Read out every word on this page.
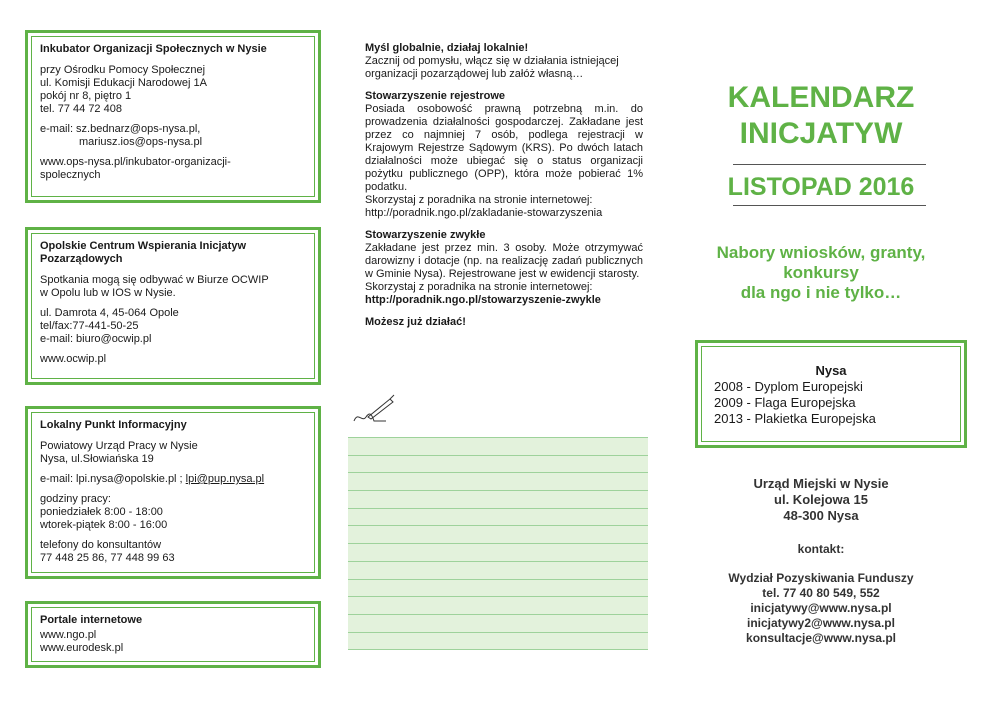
Inkubator Organizacji Społecznych w Nysie

przy Ośrodku Pomocy Społecznej
ul. Komisji Edukacji Narodowej 1A
pokój nr 8, piętro 1
tel. 77 44 72 408

e-mail: sz.bednarz@ops-nysa.pl,
mariusz.ios@ops-nysa.pl

www.ops-nysa.pl/inkubator-organizacji-
spolecznych

Opolskie Centrum Wspierania Inicjatyw
Pozarządowych

Spotkania mogą się odbywać w Biurze OCWIP
w Opolu lub w IOS w Nysie.

ul. Damrota 4, 45-064 Opole
tel/fax:77-441-50-25
e-mail: biuro@ocwip.pl

www.ocwip.pl

Lokalny Punkt Informacyjny

Powiatowy Urząd Pracy w Nysie
Nysa, ul.Słowiańska 19

e-mail: lpi.nysa@opolskie.pl ; lpi@pup.nysa.pl

godziny pracy:
poniedziałek 8:00 - 18:00
wtorek-piątek 8:00 - 16:00

telefony do konsultantów
77 448 25 86, 77 448 99 63

Portale internetowe

www.ngo.pl
www.eurodesk.pl

Myśl globalnie, działaj lokalnie!
Zacznij od pomysłu, włącz się w działania istniejącej organizacji pozarządowej lub załóż własną…

Stowarzyszenie rejestrowe
Posiada osobowość prawną potrzebną m.in. do prowadzenia działalności gospodarczej. Zakładane jest przez co najmniej 7 osób, podlega rejestracji w Krajowym Rejestrze Sądowym (KRS). Po dwóch latach działalności może ubiegać się o status organizacji pożytku publicznego (OPP), która może pobierać 1% podatku.
Skorzystaj z poradnika na stronie internetowej:
http://poradnik.ngo.pl/zakladanie-stowarzyszenia

Stowarzyszenie zwykłe
Zakładane jest przez min. 3 osoby. Może otrzymywać darowizny i dotacje (np. na realizację zadań publicznych w Gminie Nysa). Rejestrowane jest w ewidencji starosty.
Skorzystaj z poradnika na stronie internetowej:
http://poradnik.ngo.pl/stowarzyszenie-zwykle

Możesz już działać!

KALENDARZ
INICJATYW
LISTOPAD 2016
Nabory wniosków, granty,
konkursy
dla ngo i nie tylko…
Nysa
2008 - Dyplom Europejski
2009 - Flaga Europejska
2013 - Plakietka Europejska
Urząd Miejski w Nysie
ul. Kolejowa 15
48-300 Nysa
kontakt:
Wydział Pozyskiwania Funduszy
tel. 77 40 80 549, 552
inicjatywy@www.nysa.pl
inicjatywy2@www.nysa.pl
konsultacje@www.nysa.pl
